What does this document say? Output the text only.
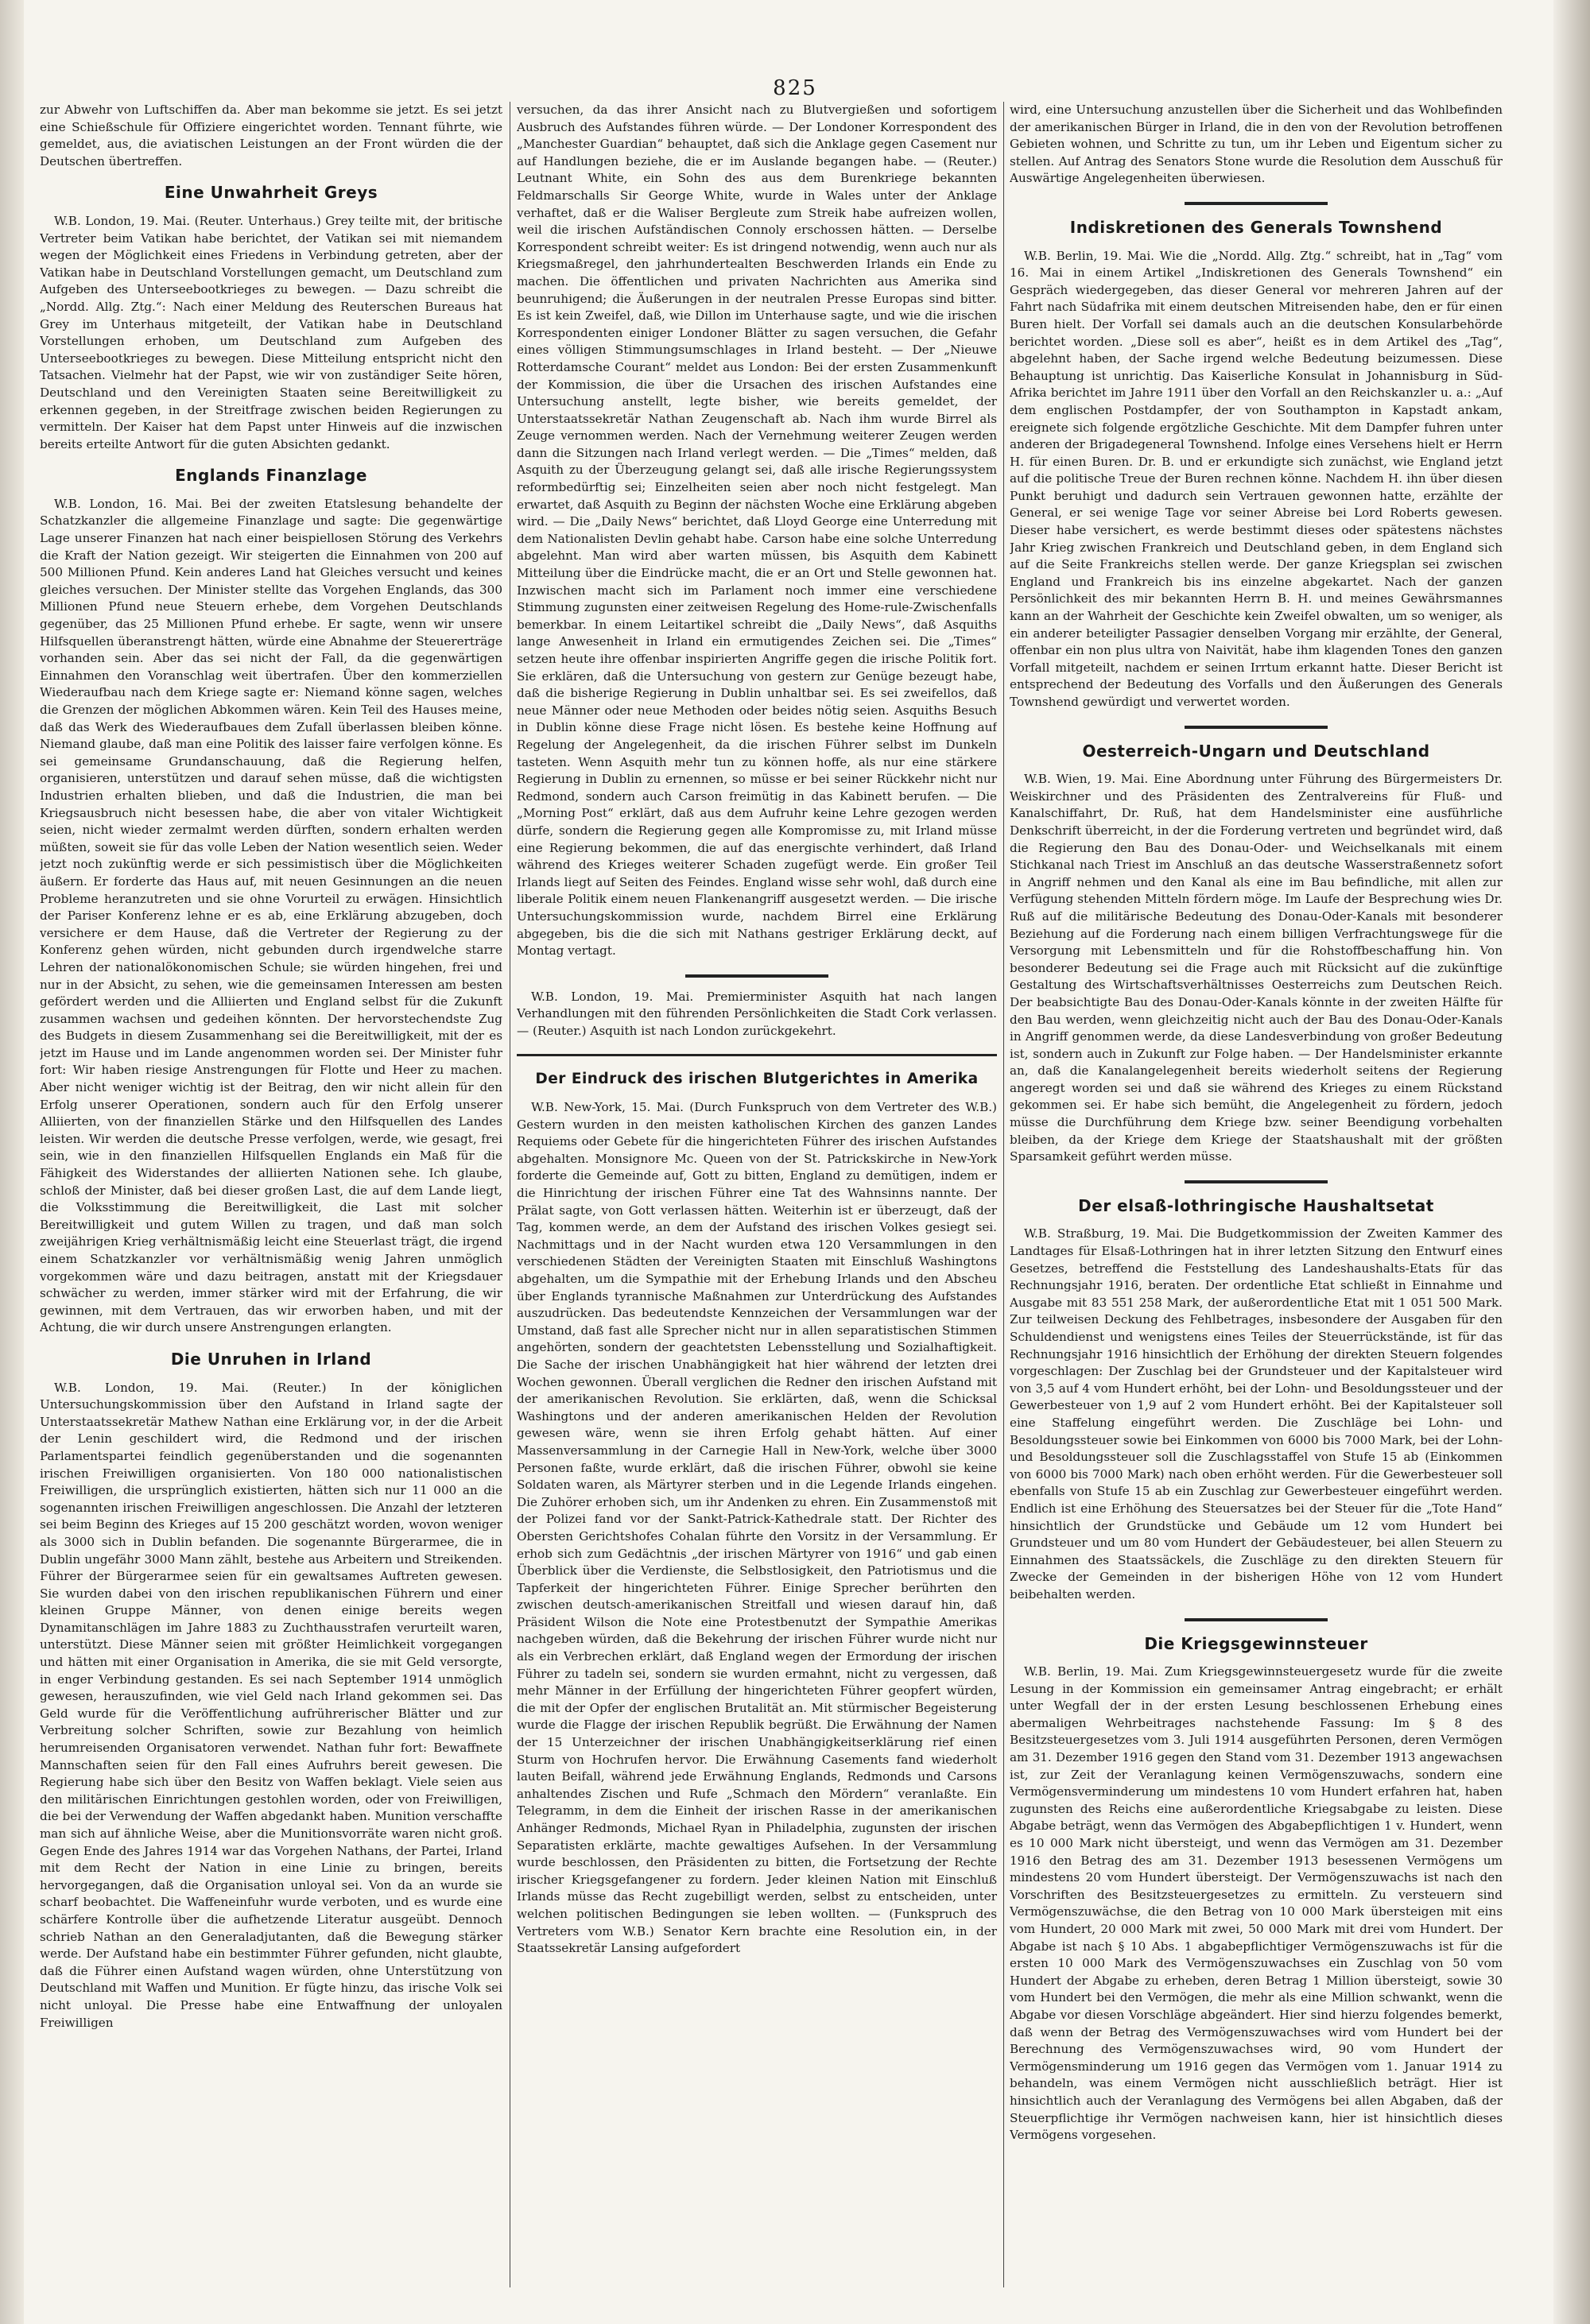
825

zur Abwehr von Luftschiffen da. Aber man bekomme sie jetzt. Es sei jetzt eine Schießschule für Offiziere eingerichtet worden. Tennant führte, wie gemeldet, aus, die aviatischen Leistungen an der Front würden die der Deutschen übertreffen.

Eine Unwahrheit Greys

W.B. London, 19. Mai. (Reuter. Unterhaus.) Grey teilte mit, der britische Vertreter beim Vatikan habe berichtet, der Vatikan sei mit niemandem wegen der Möglichkeit eines Friedens in Verbindung getreten, aber der Vatikan habe in Deutschland Vorstellungen gemacht, um Deutschland zum Aufgeben des Unterseebootkrieges zu bewegen. — Dazu schreibt die „Nordd. Allg. Ztg.“: Nach einer Meldung des Reuterschen Bureaus hat Grey im Unterhaus mitgeteilt, der Vatikan habe in Deutschland Vorstellungen erhoben, um Deutschland zum Aufgeben des Unterseebootkrieges zu bewegen. Diese Mitteilung entspricht nicht den Tatsachen. Vielmehr hat der Papst, wie wir von zuständiger Seite hören, Deutschland und den Vereinigten Staaten seine Bereitwilligkeit zu erkennen gegeben, in der Streitfrage zwischen beiden Regierungen zu vermitteln. Der Kaiser hat dem Papst unter Hinweis auf die inzwischen bereits erteilte Antwort für die guten Absichten gedankt.

Englands Finanzlage

W.B. London, 16. Mai. Bei der zweiten Etatslesung behandelte der Schatzkanzler die allgemeine Finanzlage und sagte: Die gegenwärtige Lage unserer Finanzen hat nach einer beispiellosen Störung des Verkehrs die Kraft der Nation gezeigt. Wir steigerten die Einnahmen von 200 auf 500 Millionen Pfund. Kein anderes Land hat Gleiches versucht und keines gleiches versuchen. Der Minister stellte das Vorgehen Englands, das 300 Millionen Pfund neue Steuern erhebe, dem Vorgehen Deutschlands gegenüber, das 25 Millionen Pfund erhebe. Er sagte, wenn wir unsere Hilfsquellen überanstrengt hätten, würde eine Abnahme der Steuererträge vorhanden sein. Aber das sei nicht der Fall, da die gegenwärtigen Einnahmen den Voranschlag weit übertrafen. Über den kommerziellen Wiederaufbau nach dem Kriege sagte er: Niemand könne sagen, welches die Grenzen der möglichen Abkommen wären. Kein Teil des Hauses meine, daß das Werk des Wiederaufbaues dem Zufall überlassen bleiben könne. Niemand glaube, daß man eine Politik des laisser faire verfolgen könne. Es sei gemeinsame Grundanschauung, daß die Regierung helfen, organisieren, unterstützen und darauf sehen müsse, daß die wichtigsten Industrien erhalten blieben, und daß die Industrien, die man bei Kriegsausbruch nicht besessen habe, die aber von vitaler Wichtigkeit seien, nicht wieder zermalmt werden dürften, sondern erhalten werden müßten, soweit sie für das volle Leben der Nation wesentlich seien. Weder jetzt noch zukünftig werde er sich pessimistisch über die Möglichkeiten äußern. Er forderte das Haus auf, mit neuen Gesinnungen an die neuen Probleme heranzutreten und sie ohne Vorurteil zu erwägen. Hinsichtlich der Pariser Konferenz lehne er es ab, eine Erklärung abzugeben, doch versichere er dem Hause, daß die Vertreter der Regierung zu der Konferenz gehen würden, nicht gebunden durch irgendwelche starre Lehren der nationalökonomischen Schule; sie würden hingehen, frei und nur in der Absicht, zu sehen, wie die gemeinsamen Interessen am besten gefördert werden und die Alliierten und England selbst für die Zukunft zusammen wachsen und gedeihen könnten. Der hervorstechendste Zug des Budgets in diesem Zusammenhang sei die Bereitwilligkeit, mit der es jetzt im Hause und im Lande angenommen worden sei. Der Minister fuhr fort: Wir haben riesige Anstrengungen für Flotte und Heer zu machen. Aber nicht weniger wichtig ist der Beitrag, den wir nicht allein für den Erfolg unserer Operationen, sondern auch für den Erfolg unserer Alliierten, von der finanziellen Stärke und den Hilfsquellen des Landes leisten. Wir werden die deutsche Presse verfolgen, werde, wie gesagt, frei sein, wie in den finanziellen Hilfsquellen Englands ein Maß für die Fähigkeit des Widerstandes der alliierten Nationen sehe. Ich glaube, schloß der Minister, daß bei dieser großen Last, die auf dem Lande liegt, die Volksstimmung die Bereitwilligkeit, die Last mit solcher Bereitwilligkeit und gutem Willen zu tragen, und daß man solch zweijährigen Krieg verhältnismäßig leicht eine Steuerlast trägt, die irgend einem Schatzkanzler vor verhältnismäßig wenig Jahren unmöglich vorgekommen wäre und dazu beitragen, anstatt mit der Kriegsdauer schwächer zu werden, immer stärker wird mit der Erfahrung, die wir gewinnen, mit dem Vertrauen, das wir erworben haben, und mit der Achtung, die wir durch unsere Anstrengungen erlangten.

Die Unruhen in Irland

W.B. London, 19. Mai. (Reuter.) In der königlichen Untersuchungskommission über den Aufstand in Irland sagte der Unterstaatssekretär Mathew Nathan eine Erklärung vor, in der die Arbeit der Lenin geschildert wird, die Redmond und der irischen Parlamentspartei feindlich gegenüberstanden und die sogenannten irischen Freiwilligen organisierten. Von 180 000 nationalistischen Freiwilligen, die ursprünglich existierten, hätten sich nur 11 000 an die sogenannten irischen Freiwilligen angeschlossen. Die Anzahl der letzteren sei beim Beginn des Krieges auf 15 200 geschätzt worden, wovon weniger als 3000 sich in Dublin befanden. Die sogenannte Bürgerarmee, die in Dublin ungefähr 3000 Mann zählt, bestehe aus Arbeitern und Streikenden. Führer der Bürgerarmee seien für ein gewaltsames Auftreten gewesen. Sie wurden dabei von den irischen republikanischen Führern und einer kleinen Gruppe Männer, von denen einige bereits wegen Dynamitanschlägen im Jahre 1883 zu Zuchthausstrafen verurteilt waren, unterstützt. Diese Männer seien mit größter Heimlichkeit vorgegangen und hätten mit einer Organisation in Amerika, die sie mit Geld versorgte, in enger Verbindung gestanden. Es sei nach September 1914 unmöglich gewesen, herauszufinden, wie viel Geld nach Irland gekommen sei. Das Geld wurde für die Veröffentlichung aufrührerischer Blätter und zur Verbreitung solcher Schriften, sowie zur Bezahlung von heimlich herumreisenden Organisatoren verwendet. Nathan fuhr fort: Bewaffnete Mannschaften seien für den Fall eines Aufruhrs bereit gewesen. Die Regierung habe sich über den Besitz von Waffen beklagt. Viele seien aus den militärischen Einrichtungen gestohlen worden, oder von Freiwilligen, die bei der Verwendung der Waffen abgedankt haben. Munition verschaffte man sich auf ähnliche Weise, aber die Munitionsvorräte waren nicht groß. Gegen Ende des Jahres 1914 war das Vorgehen Nathans, der Partei, Irland mit dem Recht der Nation in eine Linie zu bringen, bereits hervorgegangen, daß die Organisation unloyal sei. Von da an wurde sie scharf beobachtet. Die Waffeneinfuhr wurde verboten, und es wurde eine schärfere Kontrolle über die aufhetzende Literatur ausgeübt. Dennoch schrieb Nathan an den Generaladjutanten, daß die Bewegung stärker werde. Der Aufstand habe ein bestimmter Führer gefunden, nicht glaubte, daß die Führer einen Aufstand wagen würden, ohne Unterstützung von Deutschland mit Waffen und Munition. Er fügte hinzu, das irische Volk sei nicht unloyal. Die Presse habe eine Entwaffnung der unloyalen Freiwilligen

versuchen, da das ihrer Ansicht nach zu Blutvergießen und sofortigem Ausbruch des Aufstandes führen würde. — Der Londoner Korrespondent des „Manchester Guardian“ behauptet, daß sich die Anklage gegen Casement nur auf Handlungen beziehe, die er im Auslande begangen habe. — (Reuter.) Leutnant White, ein Sohn des aus dem Burenkriege bekannten Feldmarschalls Sir George White, wurde in Wales unter der Anklage verhaftet, daß er die Waliser Bergleute zum Streik habe aufreizen wollen, weil die irischen Aufständischen Connoly erschossen hätten. — Derselbe Korrespondent schreibt weiter: Es ist dringend notwendig, wenn auch nur als Kriegsmaßregel, den jahrhundertealten Beschwerden Irlands ein Ende zu machen. Die öffentlichen und privaten Nachrichten aus Amerika sind beunruhigend; die Äußerungen in der neutralen Presse Europas sind bitter. Es ist kein Zweifel, daß, wie Dillon im Unterhause sagte, und wie die irischen Korrespondenten einiger Londoner Blätter zu sagen versuchen, die Gefahr eines völligen Stimmungsumschlages in Irland besteht. — Der „Nieuwe Rotterdamsche Courant“ meldet aus London: Bei der ersten Zusammenkunft der Kommission, die über die Ursachen des irischen Aufstandes eine Untersuchung anstellt, legte bisher, wie bereits gemeldet, der Unterstaatssekretär Nathan Zeugenschaft ab. Nach ihm wurde Birrel als Zeuge vernommen werden. Nach der Vernehmung weiterer Zeugen werden dann die Sitzungen nach Irland verlegt werden. — Die „Times“ melden, daß Asquith zu der Überzeugung gelangt sei, daß alle irische Regierungssystem reformbedürftig sei; Einzelheiten seien aber noch nicht festgelegt. Man erwartet, daß Asquith zu Beginn der nächsten Woche eine Erklärung abgeben wird. — Die „Daily News“ berichtet, daß Lloyd George eine Unterredung mit dem Nationalisten Devlin gehabt habe. Carson habe eine solche Unterredung abgelehnt. Man wird aber warten müssen, bis Asquith dem Kabinett Mitteilung über die Eindrücke macht, die er an Ort und Stelle gewonnen hat. Inzwischen macht sich im Parlament noch immer eine verschiedene Stimmung zugunsten einer zeitweisen Regelung des Home-rule-Zwischenfalls bemerkbar. In einem Leitartikel schreibt die „Daily News“, daß Asquiths lange Anwesenheit in Irland ein ermutigendes Zeichen sei. Die „Times“ setzen heute ihre offenbar inspirierten Angriffe gegen die irische Politik fort. Sie erklären, daß die Untersuchung von gestern zur Genüge bezeugt habe, daß die bisherige Regierung in Dublin unhaltbar sei. Es sei zweifellos, daß neue Männer oder neue Methoden oder beides nötig seien. Asquiths Besuch in Dublin könne diese Frage nicht lösen. Es bestehe keine Hoffnung auf Regelung der Angelegenheit, da die irischen Führer selbst im Dunkeln tasteten. Wenn Asquith mehr tun zu können hoffe, als nur eine stärkere Regierung in Dublin zu ernennen, so müsse er bei seiner Rückkehr nicht nur Redmond, sondern auch Carson freimütig in das Kabinett berufen. — Die „Morning Post“ erklärt, daß aus dem Aufruhr keine Lehre gezogen werden dürfe, sondern die Regierung gegen alle Kompromisse zu, mit Irland müsse eine Regierung bekommen, die auf das energischte verhindert, daß Irland während des Krieges weiterer Schaden zugefügt werde. Ein großer Teil Irlands liegt auf Seiten des Feindes. England wisse sehr wohl, daß durch eine liberale Politik einem neuen Flankenangriff ausgesetzt werden. — Die irische Untersuchungskommission wurde, nachdem Birrel eine Erklärung abgegeben, bis die die sich mit Nathans gestriger Erklärung deckt, auf Montag vertagt.

W.B. London, 19. Mai. Premierminister Asquith hat nach langen Verhandlungen mit den führenden Persönlichkeiten die Stadt Cork verlassen. — (Reuter.) Asquith ist nach London zurückgekehrt.

Der Eindruck des irischen Blutgerichtes in Amerika

W.B. New-York, 15. Mai. (Durch Funkspruch von dem Vertreter des W.B.) Gestern wurden in den meisten katholischen Kirchen des ganzen Landes Requiems oder Gebete für die hingerichteten Führer des irischen Aufstandes abgehalten. Monsignore Mc. Queen von der St. Patrickskirche in New-York forderte die Gemeinde auf, Gott zu bitten, England zu demütigen, indem er die Hinrichtung der irischen Führer eine Tat des Wahnsinns nannte. Der Prälat sagte, von Gott verlassen hätten. Weiterhin ist er überzeugt, daß der Tag, kommen werde, an dem der Aufstand des irischen Volkes gesiegt sei. Nachmittags und in der Nacht wurden etwa 120 Versammlungen in den verschiedenen Städten der Vereinigten Staaten mit Einschluß Washingtons abgehalten, um die Sympathie mit der Erhebung Irlands und den Abscheu über Englands tyrannische Maßnahmen zur Unterdrückung des Aufstandes auszudrücken. Das bedeutendste Kennzeichen der Versammlungen war der Umstand, daß fast alle Sprecher nicht nur in allen separatistischen Stimmen angehörten, sondern der geachtetsten Lebensstellung und Sozialhaftigkeit. Die Sache der irischen Unabhängigkeit hat hier während der letzten drei Wochen gewonnen. Überall verglichen die Redner den irischen Aufstand mit der amerikanischen Revolution. Sie erklärten, daß, wenn die Schicksal Washingtons und der anderen amerikanischen Helden der Revolution gewesen wäre, wenn sie ihren Erfolg gehabt hätten. Auf einer Massenversammlung in der Carnegie Hall in New-York, welche über 3000 Personen faßte, wurde erklärt, daß die irischen Führer, obwohl sie keine Soldaten waren, als Märtyrer sterben und in die Legende Irlands eingehen. Die Zuhörer erhoben sich, um ihr Andenken zu ehren. Ein Zusammenstoß mit der Polizei fand vor der Sankt-Patrick-Kathedrale statt. Der Richter des Obersten Gerichtshofes Cohalan führte den Vorsitz in der Versammlung. Er erhob sich zum Gedächtnis „der irischen Märtyrer von 1916“ und gab einen Überblick über die Verdienste, die Selbstlosigkeit, den Patriotismus und die Tapferkeit der hingerichteten Führer. Einige Sprecher berührten den zwischen deutsch-amerikanischen Streitfall und wiesen darauf hin, daß Präsident Wilson die Note eine Protestbenutzt der Sympathie Amerikas nachgeben würden, daß die Bekehrung der irischen Führer wurde nicht nur als ein Verbrechen erklärt, daß England wegen der Ermordung der irischen Führer zu tadeln sei, sondern sie wurden ermahnt, nicht zu vergessen, daß mehr Männer in der Erfüllung der hingerichteten Führer geopfert würden, die mit der Opfer der englischen Brutalität an. Mit stürmischer Begeisterung wurde die Flagge der irischen Republik begrüßt. Die Erwähnung der Namen der 15 Unterzeichner der irischen Unabhängigkeitserklärung rief einen Sturm von Hochrufen hervor. Die Erwähnung Casements fand wiederholt lauten Beifall, während jede Erwähnung Englands, Redmonds und Carsons anhaltendes Zischen und Rufe „Schmach den Mördern“ veranlaßte. Ein Telegramm, in dem die Einheit der irischen Rasse in der amerikanischen Anhänger Redmonds, Michael Ryan in Philadelphia, zugunsten der irischen Separatisten erklärte, machte gewaltiges Aufsehen. In der Versammlung wurde beschlossen, den Präsidenten zu bitten, die Fortsetzung der Rechte irischer Kriegsgefangener zu fordern. Jeder kleinen Nation mit Einschluß Irlands müsse das Recht zugebilligt werden, selbst zu entscheiden, unter welchen politischen Bedingungen sie leben wollten. — (Funkspruch des Vertreters vom W.B.) Senator Kern brachte eine Resolution ein, in der Staatssekretär Lansing aufgefordert

wird, eine Untersuchung anzustellen über die Sicherheit und das Wohlbefinden der amerikanischen Bürger in Irland, die in den von der Revolution betroffenen Gebieten wohnen, und Schritte zu tun, um ihr Leben und Eigentum sicher zu stellen. Auf Antrag des Senators Stone wurde die Resolution dem Ausschuß für Auswärtige Angelegenheiten überwiesen.

Indiskretionen des Generals Townshend

W.B. Berlin, 19. Mai. Wie die „Nordd. Allg. Ztg.“ schreibt, hat in „Tag“ vom 16. Mai in einem Artikel „Indiskretionen des Generals Townshend“ ein Gespräch wiedergegeben, das dieser General vor mehreren Jahren auf der Fahrt nach Südafrika mit einem deutschen Mitreisenden habe, den er für einen Buren hielt. Der Vorfall sei damals auch an die deutschen Konsularbehörde berichtet worden. „Diese soll es aber“, heißt es in dem Artikel des „Tag“, abgelehnt haben, der Sache irgend welche Bedeutung beizumessen. Diese Behauptung ist unrichtig. Das Kaiserliche Konsulat in Johannisburg in Süd-Afrika berichtet im Jahre 1911 über den Vorfall an den Reichskanzler u. a.: „Auf dem englischen Postdampfer, der von Southampton in Kapstadt ankam, ereignete sich folgende ergötzliche Geschichte. Mit dem Dampfer fuhren unter anderen der Brigadegeneral Townshend. Infolge eines Versehens hielt er Herrn H. für einen Buren. Dr. B. und er erkundigte sich zunächst, wie England jetzt auf die politische Treue der Buren rechnen könne. Nachdem H. ihn über diesen Punkt beruhigt und dadurch sein Vertrauen gewonnen hatte, erzählte der General, er sei wenige Tage vor seiner Abreise bei Lord Roberts gewesen. Dieser habe versichert, es werde bestimmt dieses oder spätestens nächstes Jahr Krieg zwischen Frankreich und Deutschland geben, in dem England sich auf die Seite Frankreichs stellen werde. Der ganze Kriegsplan sei zwischen England und Frankreich bis ins einzelne abgekartet. Nach der ganzen Persönlichkeit des mir bekannten Herrn B. H. und meines Gewährsmannes kann an der Wahrheit der Geschichte kein Zweifel obwalten, um so weniger, als ein anderer beteiligter Passagier denselben Vorgang mir erzählte, der General, offenbar ein non plus ultra von Naivität, habe ihm klagenden Tones den ganzen Vorfall mitgeteilt, nachdem er seinen Irrtum erkannt hatte. Dieser Bericht ist entsprechend der Bedeutung des Vorfalls und den Äußerungen des Generals Townshend gewürdigt und verwertet worden.

Oesterreich-Ungarn und Deutschland

W.B. Wien, 19. Mai. Eine Abordnung unter Führung des Bürgermeisters Dr. Weiskirchner und des Präsidenten des Zentralvereins für Fluß- und Kanalschiffahrt, Dr. Ruß, hat dem Handelsminister eine ausführliche Denkschrift überreicht, in der die Forderung vertreten und begründet wird, daß die Regierung den Bau des Donau-Oder- und Weichselkanals mit einem Stichkanal nach Triest im Anschluß an das deutsche Wasserstraßennetz sofort in Angriff nehmen und den Kanal als eine im Bau befindliche, mit allen zur Verfügung stehenden Mitteln fördern möge. Im Laufe der Besprechung wies Dr. Ruß auf die militärische Bedeutung des Donau-Oder-Kanals mit besonderer Beziehung auf die Forderung nach einem billigen Verfrachtungswege für die Versorgung mit Lebensmitteln und für die Rohstoffbeschaffung hin. Von besonderer Bedeutung sei die Frage auch mit Rücksicht auf die zukünftige Gestaltung des Wirtschaftsverhältnisses Oesterreichs zum Deutschen Reich. Der beabsichtigte Bau des Donau-Oder-Kanals könnte in der zweiten Hälfte für den Bau werden, wenn gleichzeitig nicht auch der Bau des Donau-Oder-Kanals in Angriff genommen werde, da diese Landesverbindung von großer Bedeutung ist, sondern auch in Zukunft zur Folge haben. — Der Handelsminister erkannte an, daß die Kanalangelegenheit bereits wiederholt seitens der Regierung angeregt worden sei und daß sie während des Krieges zu einem Rückstand gekommen sei. Er habe sich bemüht, die Angelegenheit zu fördern, jedoch müsse die Durchführung dem Kriege bzw. seiner Beendigung vorbehalten bleiben, da der Kriege dem Kriege der Staatshaushalt mit der größten Sparsamkeit geführt werden müsse.

Der elsaß-lothringische Haushaltsetat

W.B. Straßburg, 19. Mai. Die Budgetkommission der Zweiten Kammer des Landtages für Elsaß-Lothringen hat in ihrer letzten Sitzung den Entwurf eines Gesetzes, betreffend die Feststellung des Landeshaushalts-Etats für das Rechnungsjahr 1916, beraten. Der ordentliche Etat schließt in Einnahme und Ausgabe mit 83 551 258 Mark, der außerordentliche Etat mit 1 051 500 Mark. Zur teilweisen Deckung des Fehlbetrages, insbesondere der Ausgaben für den Schuldendienst und wenigstens eines Teiles der Steuerrückstände, ist für das Rechnungsjahr 1916 hinsichtlich der Erhöhung der direkten Steuern folgendes vorgeschlagen: Der Zuschlag bei der Grundsteuer und der Kapitalsteuer wird von 3,5 auf 4 vom Hundert erhöht, bei der Lohn- und Besoldungssteuer und der Gewerbesteuer von 1,9 auf 2 vom Hundert erhöht. Bei der Kapitalsteuer soll eine Staffelung eingeführt werden. Die Zuschläge bei Lohn- und Besoldungssteuer sowie bei Einkommen von 6000 bis 7000 Mark, bei der Lohn- und Besoldungssteuer soll die Zuschlagsstaffel von Stufe 15 ab (Einkommen von 6000 bis 7000 Mark) nach oben erhöht werden. Für die Gewerbesteuer soll ebenfalls von Stufe 15 ab ein Zuschlag zur Gewerbesteuer eingeführt werden. Endlich ist eine Erhöhung des Steuersatzes bei der Steuer für die „Tote Hand“ hinsichtlich der Grundstücke und Gebäude um 12 vom Hundert bei Grundsteuer und um 80 vom Hundert der Gebäudesteuer, bei allen Steuern zu Einnahmen des Staatssäckels, die Zuschläge zu den direkten Steuern für Zwecke der Gemeinden in der bisherigen Höhe von 12 vom Hundert beibehalten werden.

Die Kriegsgewinnsteuer

W.B. Berlin, 19. Mai. Zum Kriegsgewinnsteuergesetz wurde für die zweite Lesung in der Kommission ein gemeinsamer Antrag eingebracht; er erhält unter Wegfall der in der ersten Lesung beschlossenen Erhebung eines abermaligen Wehrbeitrages nachstehende Fassung: Im § 8 des Besitzsteuergesetzes vom 3. Juli 1914 ausgeführten Personen, deren Vermögen am 31. Dezember 1916 gegen den Stand vom 31. Dezember 1913 angewachsen ist, zur Zeit der Veranlagung keinen Vermögenszuwachs, sondern eine Vermögensverminderung um mindestens 10 vom Hundert erfahren hat, haben zugunsten des Reichs eine außerordentliche Kriegsabgabe zu leisten. Diese Abgabe beträgt, wenn das Vermögen des Abgabepflichtigen 1 v. Hundert, wenn es 10 000 Mark nicht übersteigt, und wenn das Vermögen am 31. Dezember 1916 den Betrag des am 31. Dezember 1913 besessenen Vermögens um mindestens 20 vom Hundert übersteigt. Der Vermögenszuwachs ist nach den Vorschriften des Besitzsteuergesetzes zu ermitteln. Zu versteuern sind Vermögenszuwächse, die den Betrag von 10 000 Mark übersteigen mit eins vom Hundert, 20 000 Mark mit zwei, 50 000 Mark mit drei vom Hundert. Der Abgabe ist nach § 10 Abs. 1 abgabepflichtiger Vermögenszuwachs ist für die ersten 10 000 Mark des Vermögenszuwachses ein Zuschlag von 50 vom Hundert der Abgabe zu erheben, deren Betrag 1 Million übersteigt, sowie 30 vom Hundert bei den Vermögen, die mehr als eine Million schwankt, wenn die Abgabe vor diesen Vorschläge abgeändert. Hier sind hierzu folgendes bemerkt, daß wenn der Betrag des Vermögenszuwachses wird vom Hundert bei der Berechnung des Vermögenszuwachses wird, 90 vom Hundert der Vermögensminderung um 1916 gegen das Vermögen vom 1. Januar 1914 zu behandeln, was einem Vermögen nicht ausschließlich beträgt. Hier ist hinsichtlich auch der Veranlagung des Vermögens bei allen Abgaben, daß der Steuerpflichtige ihr Vermögen nachweisen kann, hier ist hinsichtlich dieses Vermögens vorgesehen.
